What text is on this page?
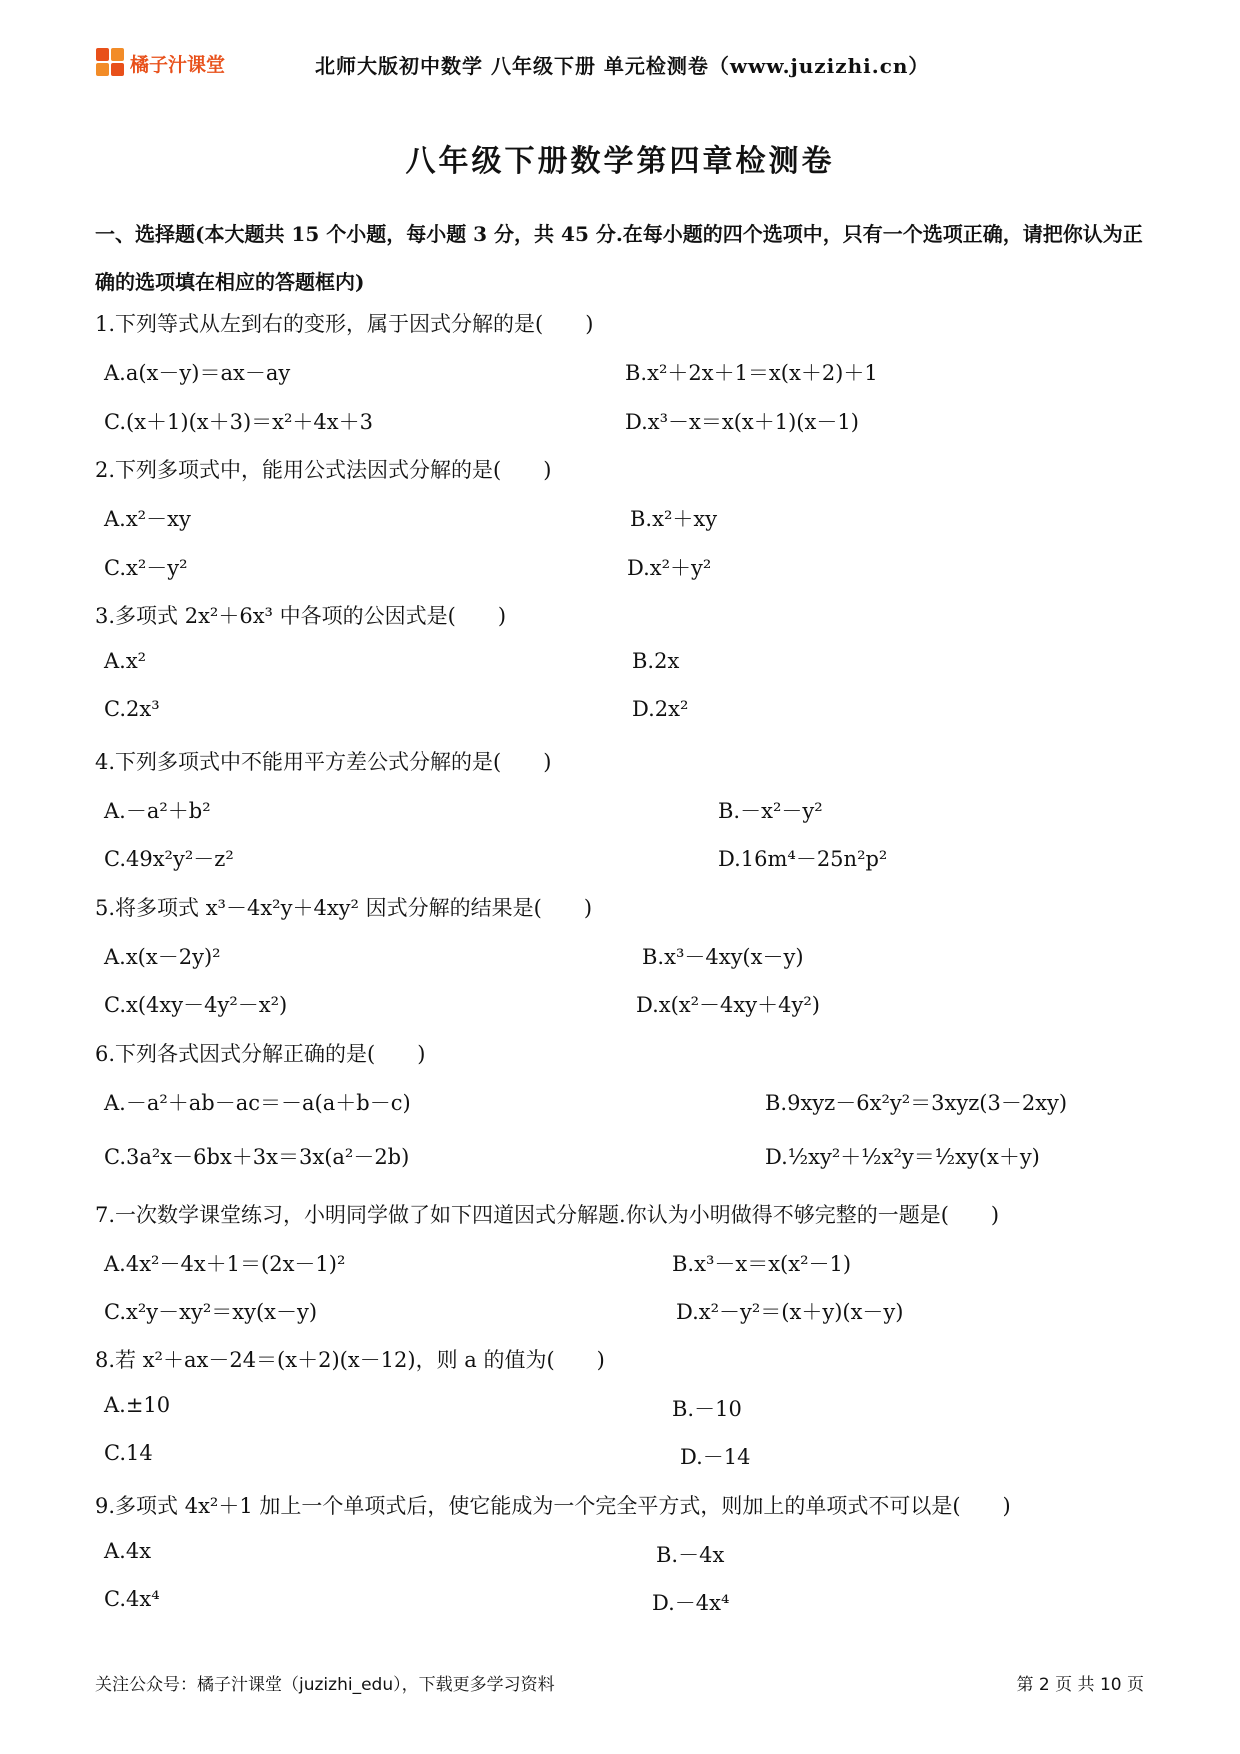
橘子汁课堂	北师大版初中数学 八年级下册 单元检测卷（www.juzizhi.cn）
八年级下册数学第四章检测卷
一、选择题(本大题共 15 个小题，每小题 3 分，共 45 分.在每小题的四个选项中，只有一个选项正确，请把你认为正确的选项填在相应的答题框内)
1.下列等式从左到右的变形，属于因式分解的是(　　)
A.a(x－y)＝ax－ay	B.x²＋2x＋1＝x(x＋2)＋1
C.(x＋1)(x＋3)＝x²＋4x＋3	D.x³－x＝x(x＋1)(x－1)
2.下列多项式中，能用公式法因式分解的是(　　)
A.x²－xy	B.x²＋xy
C.x²－y²	D.x²＋y²
3.多项式 2x²＋6x³ 中各项的公因式是(　　)
A.x²	B.2x
C.2x³	D.2x²
4.下列多项式中不能用平方差公式分解的是(　　)
A.－a²＋b²	B.－x²－y²
C.49x²y²－z²	D.16m⁴－25n²p²
5.将多项式 x³－4x²y＋4xy² 因式分解的结果是(　　)
A.x(x－2y)²	B.x³－4xy(x－y)
C.x(4xy－4y²－x²)	D.x(x²－4xy＋4y²)
6.下列各式因式分解正确的是(　　)
A.－a²＋ab－ac＝－a(a＋b－c)	B.9xyz－6x²y²＝3xyz(3－2xy)
C.3a²x－6bx＋3x＝3x(a²－2b)	D.½xy²＋½x²y＝½xy(x＋y)
7.一次数学课堂练习，小明同学做了如下四道因式分解题.你认为小明做得不够完整的一题是(　　)
A.4x²－4x＋1＝(2x－1)²	B.x³－x＝x(x²－1)
C.x²y－xy²＝xy(x－y)	D.x²－y²＝(x＋y)(x－y)
8.若 x²＋ax－24＝(x＋2)(x－12)，则 a 的值为(　　)
A.±10	B.－10
C.14	D.－14
9.多项式 4x²＋1 加上一个单项式后，使它能成为一个完全平方式，则加上的单项式不可以是(　　)
A.4x	B.－4x
C.4x⁴	D.－4x⁴
关注公众号：橘子汁课堂（juzizhi_edu），下载更多学习资料	第 2 页 共 10 页
